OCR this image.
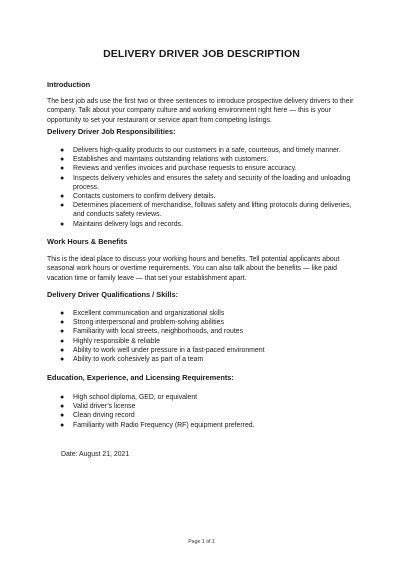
DELIVERY DRIVER JOB DESCRIPTION
Introduction
The best job ads use the first two or three sentences to introduce prospective delivery drivers to their
company. Talk about your company culture and working environment right here — this is your
opportunity to set your restaurant or service apart from competing listings.
Delivery Driver Job Responsibilities:
● Delivers high-quality products to our customers in a safe, courteous, and timely manner.
● Establishes and maintains outstanding relations with customers.
● Reviews and verifies invoices and purchase requests to ensure accuracy.
● Inspects delivery vehicles and ensures the safety and security of the loading and unloading
process.
● Contacts customers to confirm delivery details.
● Determines placement of merchandise, follows safety and lifting protocols during deliveries,
and conducts safety reviews.
● Maintains delivery logs and records.
Work Hours & Benefits
This is the ideal place to discuss your working hours and benefits. Tell potential applicants about
seasonal work hours or overtime requirements. You can also talk about the benefits — like paid
vacation time or family leave — that set your establishment apart.
Delivery Driver Qualifications / Skills:
● Excellent communication and organizational skills
● Strong interpersonal and problem-solving abilities
● Familiarity with local streets, neighborhoods, and routes
● Highly responsible & reliable
● Ability to work well under pressure in a fast-paced environment
● Ability to work cohesively as part of a team
Education, Experience, and Licensing Requirements:
● High school diploma, GED, or equivalent
● Valid driver’s license
● Clean driving record
● Familiarity with Radio Frequency (RF) equipment preferred.
Date: August 21, 2021
Page 1 of 1
